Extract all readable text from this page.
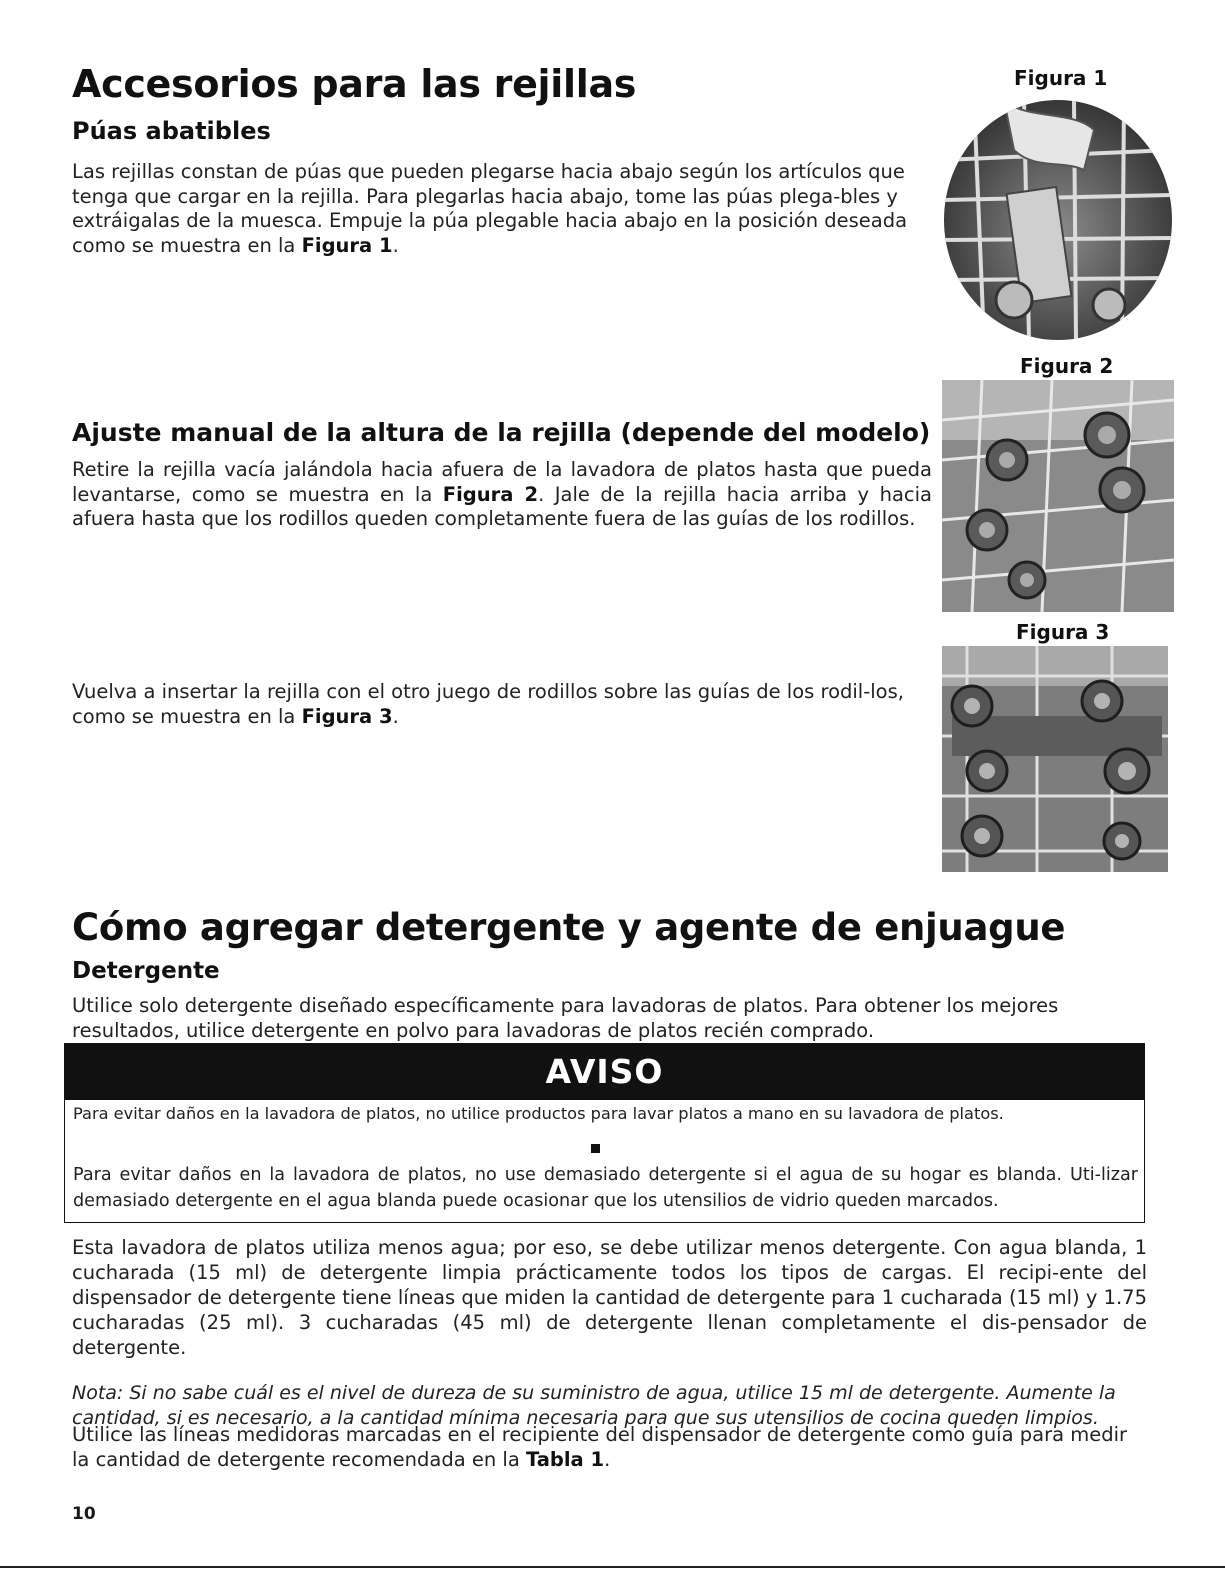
Accesorios para las rejillas
Púas abatibles

Las rejillas constan de púas que pueden plegarse hacia abajo según los artículos que tenga que cargar en la rejilla. Para plegarlas hacia abajo, tome las púas plega-bles y extráigalas de la muesca. Empuje la púa plegable hacia abajo en la posición deseada como se muestra en la Figura 1.

Ajuste manual de la altura de la rejilla (depende del modelo)

Retire la rejilla vacía jalándola hacia afuera de la lavadora de platos hasta que pueda levantarse, como se muestra en la Figura 2. Jale de la rejilla hacia arriba y hacia afuera hasta que los rodillos queden completamente fuera de las guías de los rodillos.

Vuelva a insertar la rejilla con el otro juego de rodillos sobre las guías de los rodil-los, como se muestra en la Figura 3.

Figura 1
Figura 2
Figura 3
Cómo agregar detergente y agente de enjuague
Detergente

Utilice solo detergente diseñado específicamente para lavadoras de platos. Para obtener los mejores resultados, utilice detergente en polvo para lavadoras de platos recién comprado.

AVISO
Para evitar daños en la lavadora de platos, no utilice productos para lavar platos a mano en su lavadora de platos.
Para evitar daños en la lavadora de platos, no use demasiado detergente si el agua de su hogar es blanda. Uti-lizar demasiado detergente en el agua blanda puede ocasionar que los utensilios de vidrio queden marcados.

Esta lavadora de platos utiliza menos agua; por eso, se debe utilizar menos detergente. Con agua blanda, 1 cucharada (15 ml) de detergente limpia prácticamente todos los tipos de cargas. El recipi-ente del dispensador de detergente tiene líneas que miden la cantidad de detergente para 1 cucharada (15 ml) y 1.75 cucharadas (25 ml). 3 cucharadas (45 ml) de detergente llenan completamente el dis-pensador de detergente.

Nota: Si no sabe cuál es el nivel de dureza de su suministro de agua, utilice 15 ml de detergente. Aumente la cantidad, si es necesario, a la cantidad mínima necesaria para que sus utensilios de cocina queden limpios.

Utilice las líneas medidoras marcadas en el recipiente del dispensador de detergente como guía para medir la cantidad de detergente recomendada en la Tabla 1.

10
